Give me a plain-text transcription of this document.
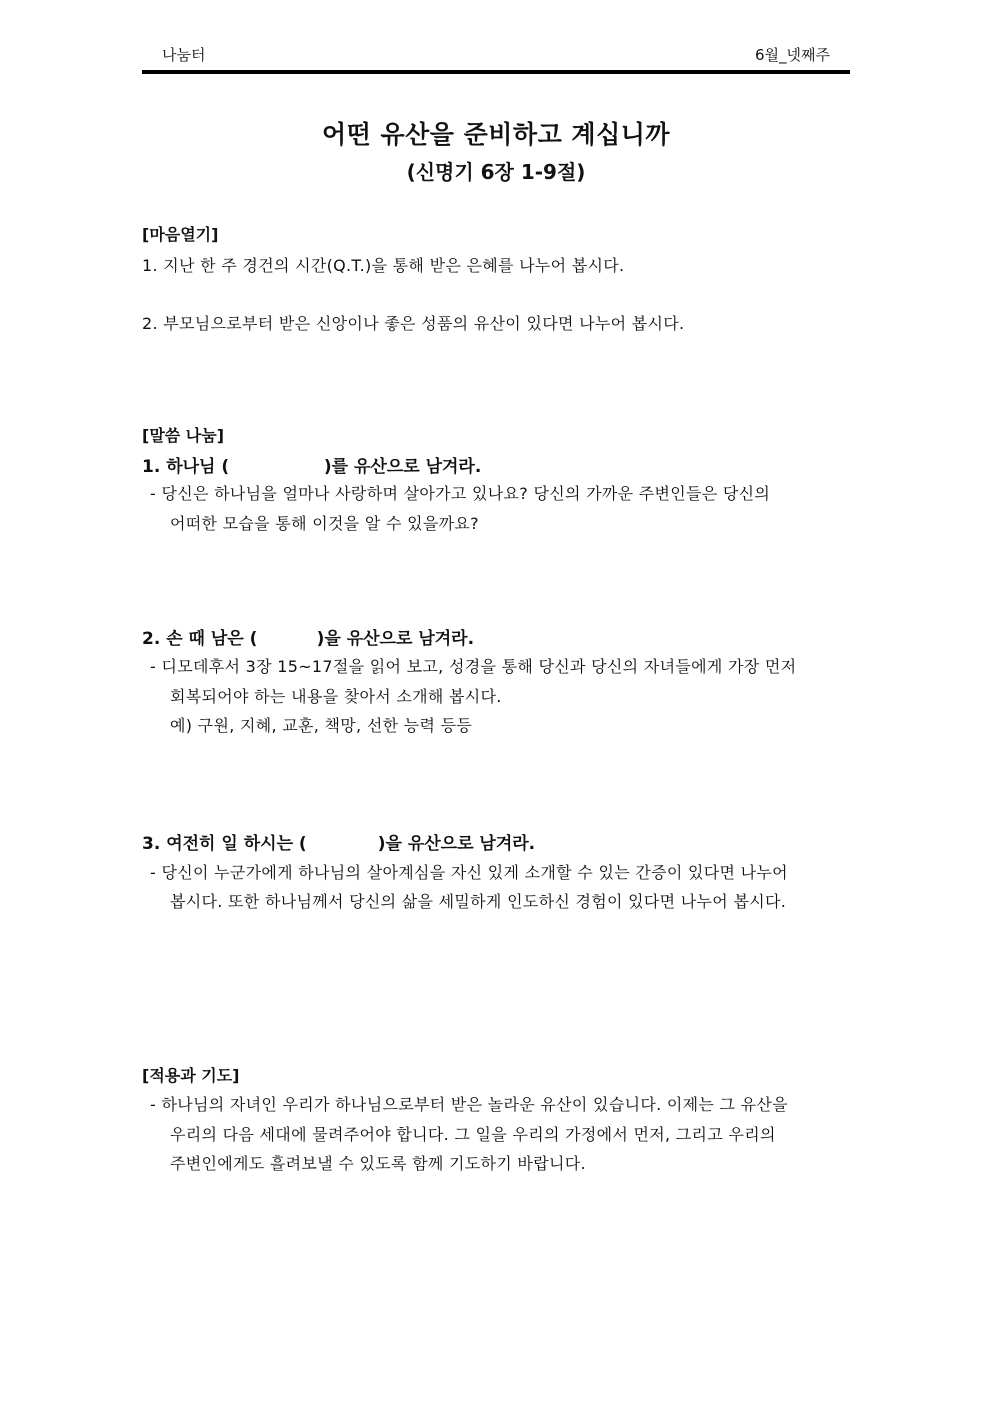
나눔터	6월_넷째주
어떤 유산을 준비하고 계십니까
(신명기 6장 1-9절)
[마음열기]
1. 지난 한 주 경건의 시간(Q.T.)을 통해 받은 은혜를 나누어 봅시다.
2. 부모님으로부터 받은 신앙이나 좋은 성품의 유산이 있다면 나누어 봅시다.
[말씀 나눔]
1. 하나님 (                )를 유산으로 남겨라.
- 당신은 하나님을 얼마나 사랑하며 살아가고 있나요? 당신의 가까운 주변인들은 당신의
어떠한 모습을 통해 이것을 알 수 있을까요?
2. 손 때 남은 (          )을 유산으로 남겨라.
- 디모데후서 3장 15~17절을 읽어 보고, 성경을 통해 당신과 당신의 자녀들에게 가장 먼저
회복되어야 하는 내용을 찾아서 소개해 봅시다.
예) 구원, 지혜, 교훈, 책망, 선한 능력 등등
3. 여전히 일 하시는 (            )을 유산으로 남겨라.
- 당신이 누군가에게 하나님의 살아계심을 자신 있게 소개할 수 있는 간증이 있다면 나누어
봅시다. 또한 하나님께서 당신의 삶을 세밀하게 인도하신 경험이 있다면 나누어 봅시다.
[적용과 기도]
- 하나님의 자녀인 우리가 하나님으로부터 받은 놀라운 유산이 있습니다. 이제는 그 유산을
우리의 다음 세대에 물려주어야 합니다. 그 일을 우리의 가정에서 먼저, 그리고 우리의
주변인에게도 흘려보낼 수 있도록 함께 기도하기 바랍니다.
